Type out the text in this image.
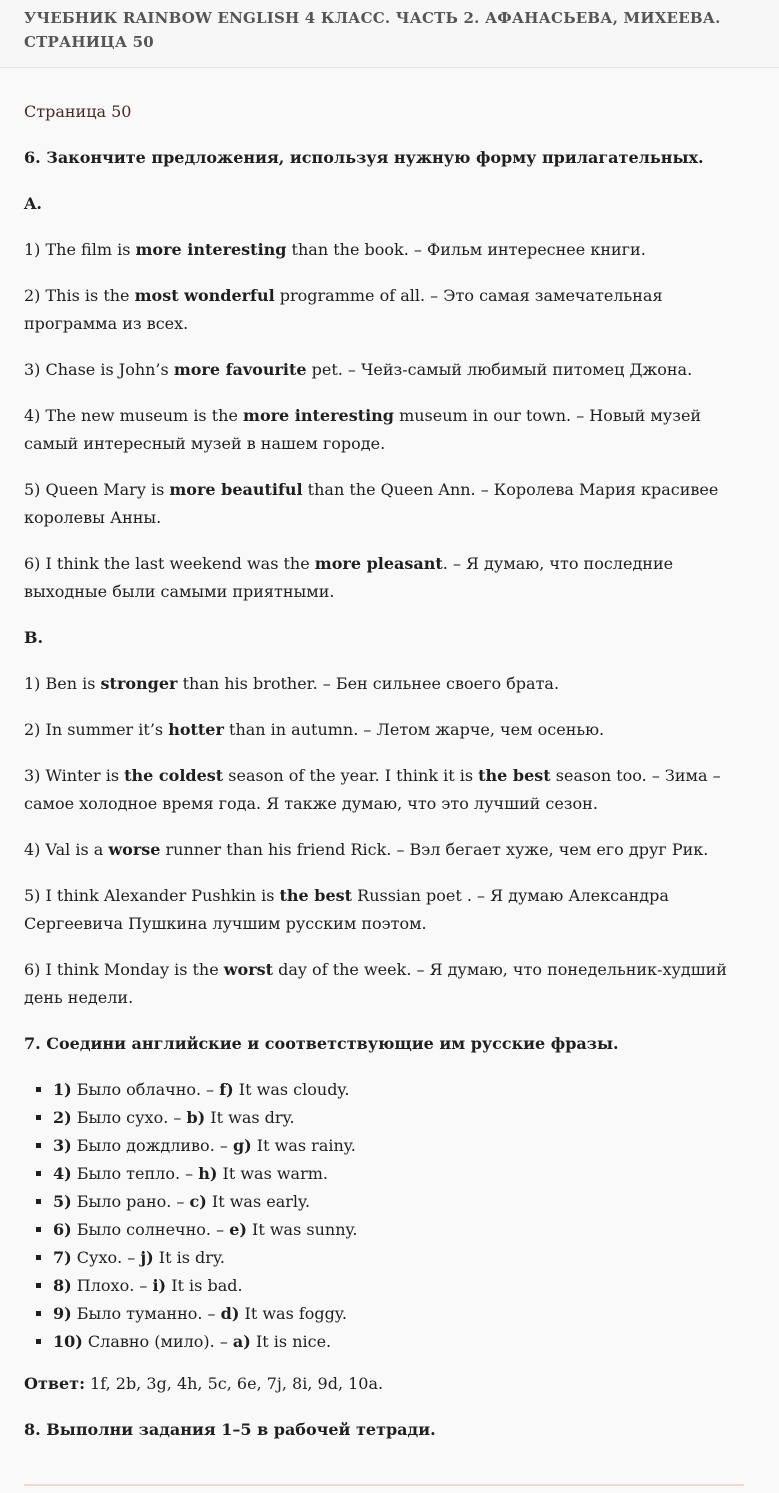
УЧЕБНИК RAINBOW ENGLISH 4 КЛАСС. ЧАСТЬ 2. АФАНАСЬЕВА, МИХЕЕВА. СТРАНИЦА 50

Страница 50

6. Закончите предложения, используя нужную форму прилагательных.

A.

1) The film is more interesting than the book. – Фильм интереснее книги.

2) This is the most wonderful programme of all. – Это самая замечательная программа из всех.

3) Chase is John’s more favourite pet. – Чейз-самый любимый питомец Джона.

4) The new museum is the more interesting museum in our town. – Новый музей самый интересный музей в нашем городе.

5) Queen Mary is more beautiful than the Queen Ann. – Королева Мария красивее королевы Анны.

6) I think the last weekend was the more pleasant. – Я думаю, что последние выходные были самыми приятными.

B.

1) Ben is stronger than his brother. – Бен сильнее своего брата.

2) In summer it’s hotter than in autumn. – Летом жарче, чем осенью.

3) Winter is the coldest season of the year. I think it is the best season too. – Зима – самое холодное время года. Я также думаю, что это лучший сезон.

4) Val is a worse runner than his friend Rick. – Вэл бегает хуже, чем его друг Рик.

5) I think Alexander Pushkin is the best Russian poet . – Я думаю Александра Сергеевича Пушкина лучшим русским поэтом.

6) I think Monday is the worst day of the week. – Я думаю, что понедельник-худший день недели.

7. Соедини английские и соответствующие им русские фразы.

▪ 1) Было облачно. – f) It was cloudy.
▪ 2) Было сухо. – b) It was dry.
▪ 3) Было дождливо. – g) It was rainy.
▪ 4) Было тепло. – h) It was warm.
▪ 5) Было рано. – c) It was early.
▪ 6) Было солнечно. – e) It was sunny.
▪ 7) Сухо. – j) It is dry.
▪ 8) Плохо. – i) It is bad.
▪ 9) Было туманно. – d) It was foggy.
▪ 10) Славно (мило). – a) It is nice.

Ответ: 1f, 2b, 3g, 4h, 5c, 6e, 7j, 8i, 9d, 10a.

8. Выполни задания 1–5 в рабочей тетради.
